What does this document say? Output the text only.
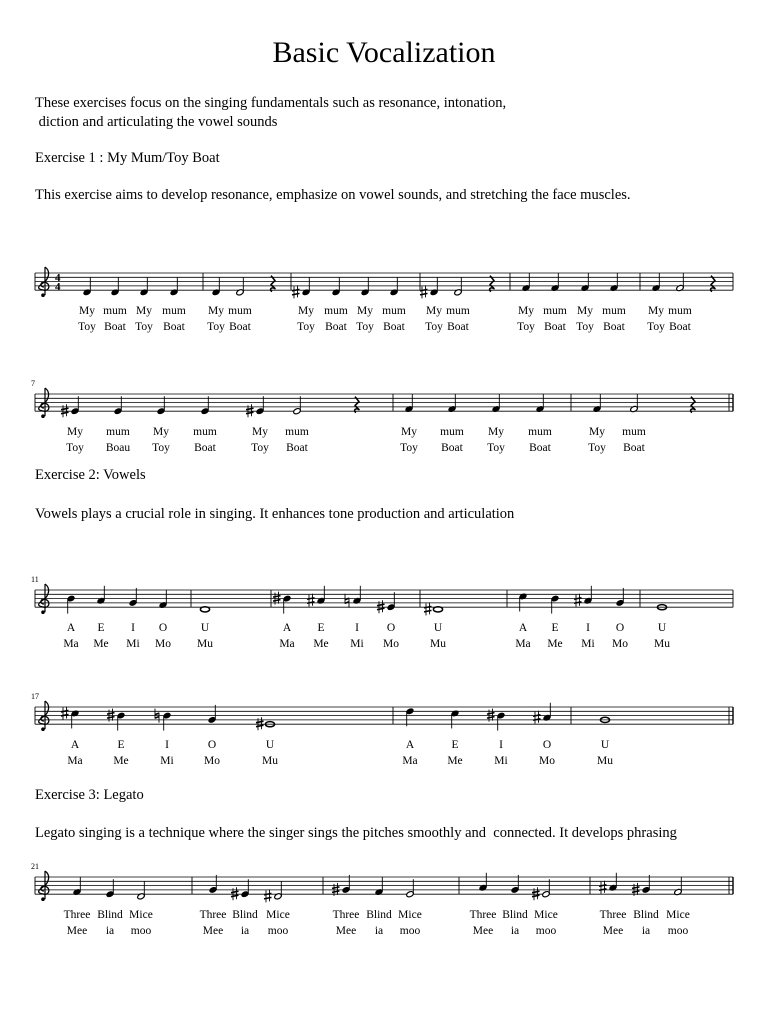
Basic Vocalization

These exercises focus on the singing fundamentals such as resonance, intonation,
diction and articulating the vowel sounds

Exercise 1 : My Mum/Toy Boat

This exercise aims to develop resonance, emphasize on vowel sounds, and stretching the face muscles.

Exercise 2: Vowels

Vowels plays a crucial role in singing. It enhances tone production and articulation

Exercise 3: Legato

Legato singing is a technique where the singer sings the pitches smoothly and  connected. It develops phrasing

4
4
My
Toy
mum
Boat
My
Toy
mum
Boat
My
Toy
mum
Boat
My
Toy
mum
Boat
My
Toy
mum
Boat
My
Toy
mum
Boat
My
Toy
mum
Boat
My
Toy
mum
Boat
My
Toy
mum
Boat
7
My
Toy
mum
Boau
My
Toy
mum
Boat
My
Toy
mum
Boat
My
Toy
mum
Boat
My
Toy
mum
Boat
My
Toy
mum
Boat
11
A
Ma
E
Me
I
Mi
O
Mo
U
Mu
A
Ma
E
Me
I
Mi
O
Mo
U
Mu
A
Ma
E
Me
I
Mi
O
Mo
U
Mu
17
A
Ma
E
Me
I
Mi
O
Mo
U
Mu
A
Ma
E
Me
I
Mi
O
Mo
U
Mu
21
Three
Mee
Blind
ia
Mice
moo
Three
Mee
Blind
ia
Mice
moo
Three
Mee
Blind
ia
Mice
moo
Three
Mee
Blind
ia
Mice
moo
Three
Mee
Blind
ia
Mice
moo
